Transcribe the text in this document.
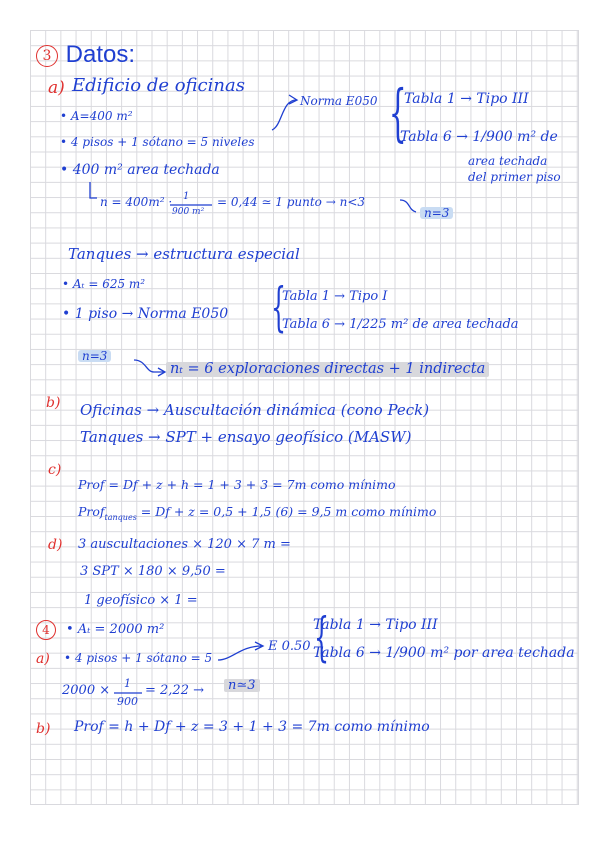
3 Datos:
a) Edificio de oficinas
• A=400 m²
• 4 pisos + 1 sótano = 5 niveles
• 400 m² area techada
n = 400m² · 1
900 m²
= 0,44 ≃ 1 punto → n<3
n=3
Norma E050 {
Tabla 1 → Tipo III
Tabla 6 → 1/900 m² de
area techada
del primer piso
Tanques → estructura especial
• Aₜ = 625 m²
• 1 piso → Norma E050 {
Tabla 1 → Tipo I
Tabla 6 → 1/225 m² de area techada
n=3
nₜ = 6 exploraciones directas + 1 indirecta
b) Oficinas → Auscultación dinámica (cono Peck)
Tanques → SPT + ensayo geofísico (MASW)
c)
Prof = Df + z + h = 1 + 3 + 3 = 7m como mínimo
Prof$_{tanques}$ = Df + z = 0,5 + 1,5 (6) = 9,5 m como mínimo
d) 3 auscultaciones × 120 × 7 m =
3 SPT × 180 × 9,50 =
1 geofísico × 1 =
4	• Aₜ = 2000 m²
a) • 4 pisos + 1 sótano = 5
E 0.50 {
Tabla 1 → Tipo III
Tabla 6 → 1/900 m² por area techada
2000 × 1
900
= 2,22 →	n≃3
b) Prof = h + Df + z = 3 + 1 + 3 = 7m como mínimo
